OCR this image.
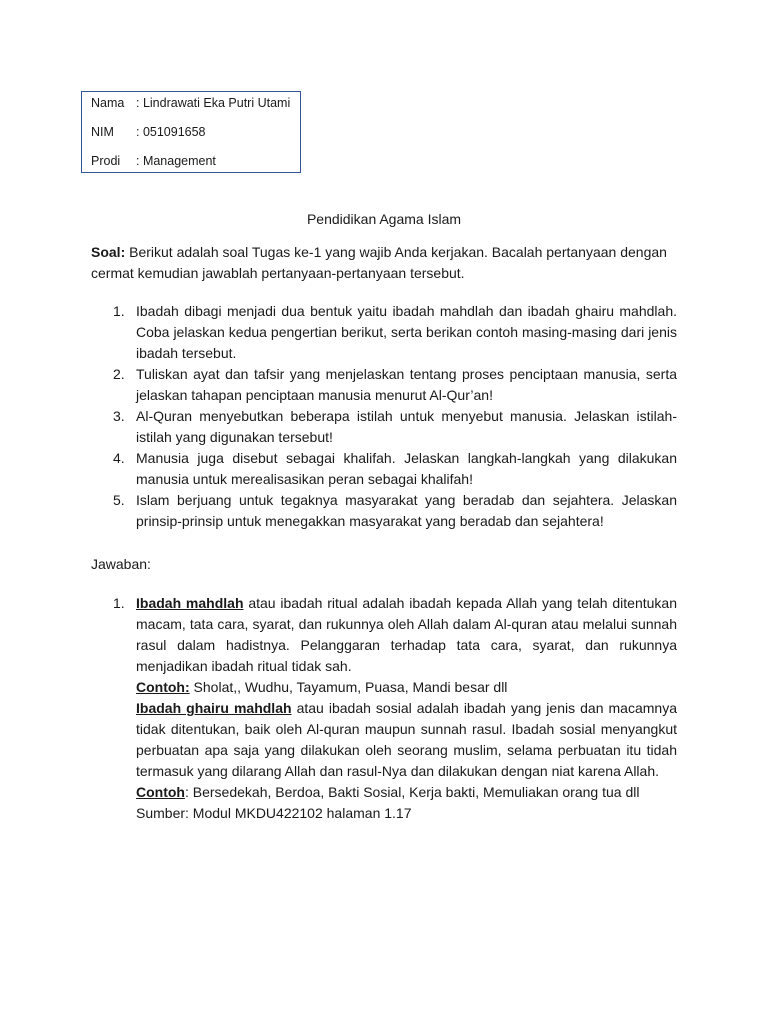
Nama : Lindrawati Eka Putri Utami
NIM	: 051091658
Prodi	: Management
Pendidikan Agama Islam
Soal: Berikut adalah soal Tugas ke-1 yang wajib Anda kerjakan. Bacalah pertanyaan dengan cermat kemudian jawablah pertanyaan-pertanyaan tersebut.
1. Ibadah dibagi menjadi dua bentuk yaitu ibadah mahdlah dan ibadah ghairu mahdlah. Coba jelaskan kedua pengertian berikut, serta berikan contoh masing-masing dari jenis ibadah tersebut.
2. Tuliskan ayat dan tafsir yang menjelaskan tentang proses penciptaan manusia, serta jelaskan tahapan penciptaan manusia menurut Al-Qur’an!
3. Al-Quran menyebutkan beberapa istilah untuk menyebut manusia. Jelaskan istilah-istilah yang digunakan tersebut!
4. Manusia juga disebut sebagai khalifah. Jelaskan langkah-langkah yang dilakukan manusia untuk merealisasikan peran sebagai khalifah!
5. Islam berjuang untuk tegaknya masyarakat yang beradab dan sejahtera. Jelaskan prinsip-prinsip untuk menegakkan masyarakat yang beradab dan sejahtera!
Jawaban:
1. Ibadah mahdlah atau ibadah ritual adalah ibadah kepada Allah yang telah ditentukan macam, tata cara, syarat, dan rukunnya oleh Allah dalam Al-quran atau melalui sunnah rasul dalam hadistnya. Pelanggaran terhadap tata cara, syarat, dan rukunnya menjadikan ibadah ritual tidak sah.

Contoh: Sholat,, Wudhu, Tayamum, Puasa, Mandi besar dll

Ibadah ghairu mahdlah atau ibadah sosial adalah ibadah yang jenis dan macamnya tidak ditentukan, baik oleh Al-quran maupun sunnah rasul. Ibadah sosial menyangkut perbuatan apa saja yang dilakukan oleh seorang muslim, selama perbuatan itu tidah termasuk yang dilarang Allah dan rasul-Nya dan dilakukan dengan niat karena Allah.

Contoh: Bersedekah, Berdoa, Bakti Sosial, Kerja bakti, Memuliakan orang tua dll

Sumber: Modul MKDU422102 halaman 1.17
